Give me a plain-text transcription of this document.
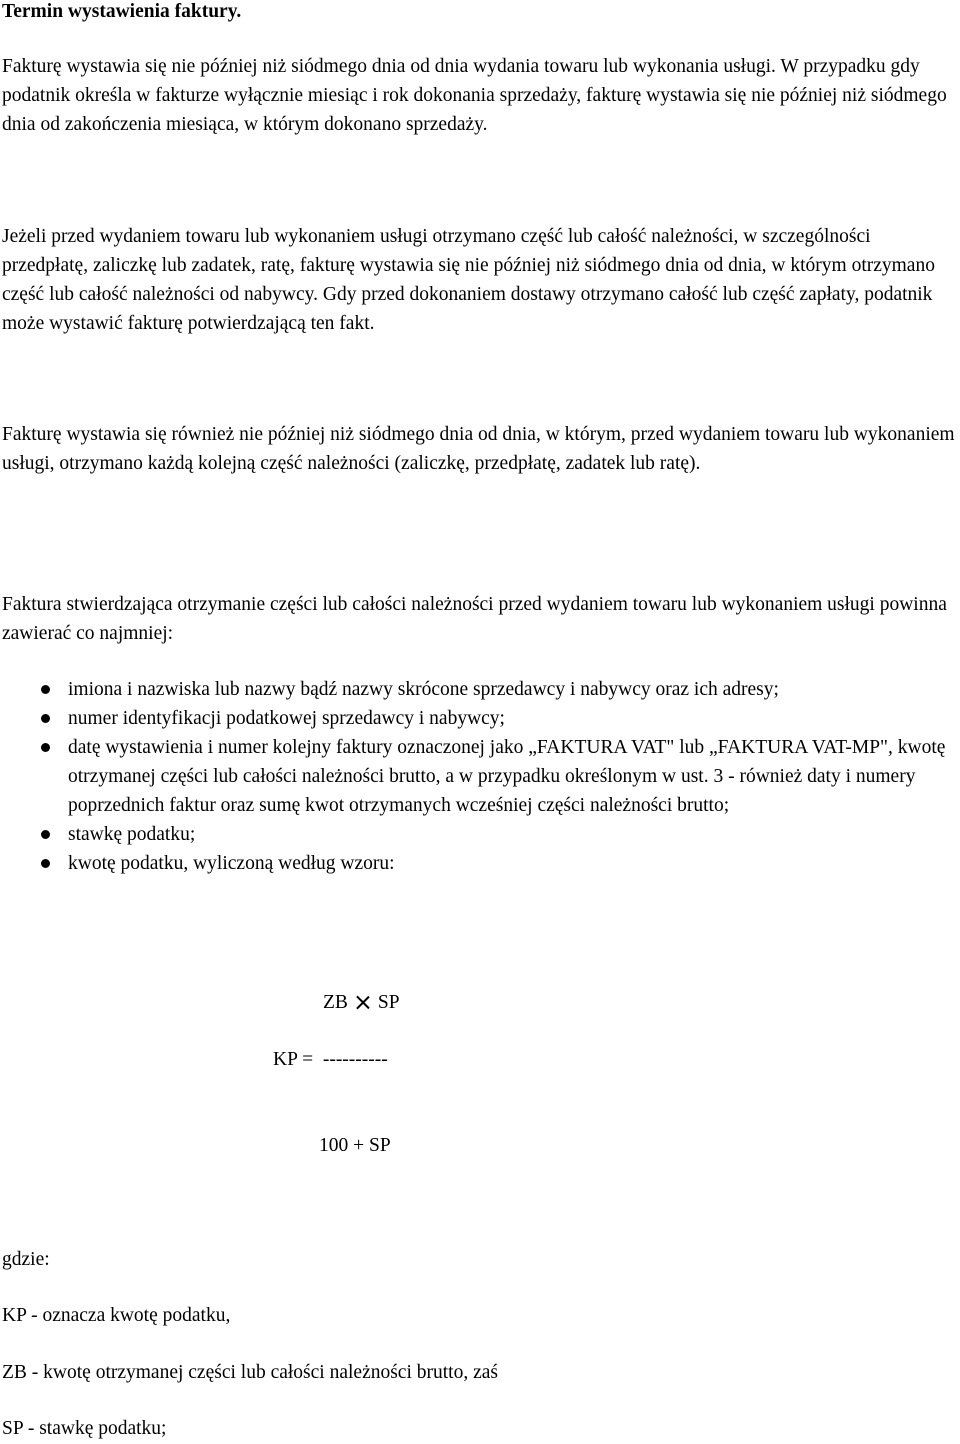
Termin wystawienia faktury.

Fakturę wystawia się nie później niż siódmego dnia od dnia wydania towaru lub wykonania usługi. W przypadku gdy podatnik określa w fakturze wyłącznie miesiąc i rok dokonania sprzedaży, fakturę wystawia się nie później niż siódmego dnia od zakończenia miesiąca, w którym dokonano sprzedaży.

Jeżeli przed wydaniem towaru lub wykonaniem usługi otrzymano część lub całość należności, w szczególności przedpłatę, zaliczkę lub zadatek, ratę, fakturę wystawia się nie później niż siódmego dnia od dnia, w którym otrzymano część lub całość należności od nabywcy. Gdy przed dokonaniem dostawy otrzymano całość lub część zapłaty, podatnik może wystawić fakturę potwierdzającą ten fakt.

Fakturę wystawia się również nie później niż siódmego dnia od dnia, w którym, przed wydaniem towaru lub wykonaniem usługi, otrzymano każdą kolejną część należności (zaliczkę, przedpłatę, zadatek lub ratę).

Faktura stwierdzająca otrzymanie części lub całości należności przed wydaniem towaru lub wykonaniem usługi powinna zawierać co najmniej:

imiona i nazwiska lub nazwy bądź nazwy skrócone sprzedawcy i nabywcy oraz ich adresy;
numer identyfikacji podatkowej sprzedawcy i nabywcy;
datę wystawienia i numer kolejny faktury oznaczonej jako „FAKTURA VAT" lub „FAKTURA VAT-MP", kwotę otrzymanej części lub całości należności brutto, a w przypadku określonym w ust. 3 - również daty i numery poprzednich faktur oraz sumę kwot otrzymanych wcześniej części należności brutto;
stawkę podatku;
kwotę podatku, wyliczoną według wzoru:
ZB SP
KP = ----------
100 + SP

gdzie:

KP - oznacza kwotę podatku,

ZB - kwotę otrzymanej części lub całości należności brutto, zaś

SP - stawkę podatku;
